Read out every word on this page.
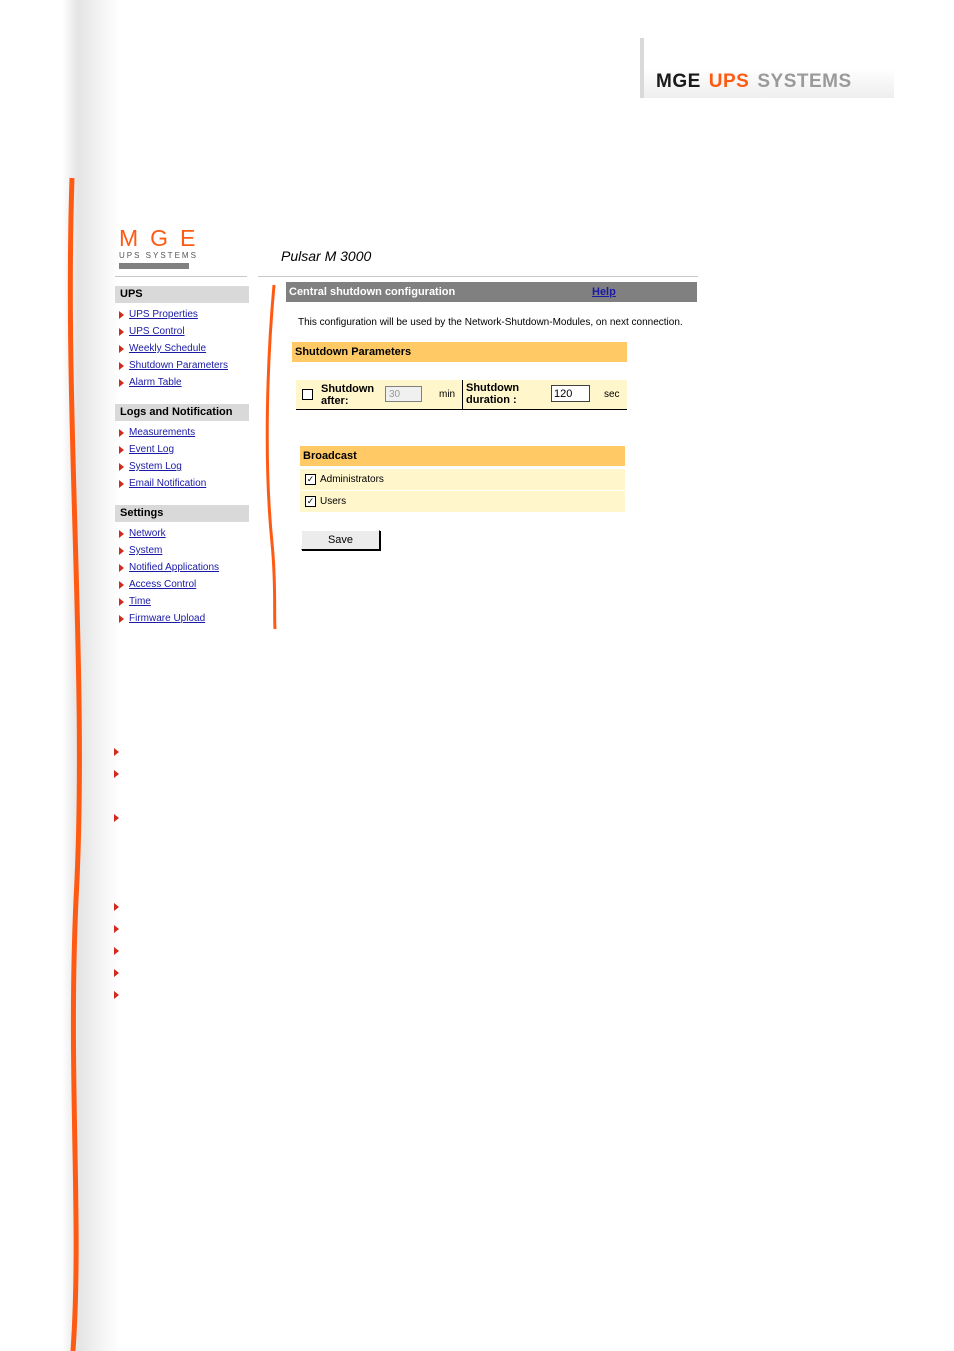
MGE UPS SYSTEMS
MGE
UPS SYSTEMS	Pulsar M 3000
UPS
UPS Properties
UPS Control
Weekly Schedule
Shutdown Parameters
Alarm Table
Logs and Notification
Measurements
Event Log
System Log
Email Notification
Settings
Network
System
Notified Applications
Access Control
Time
Firmware Upload
Central shutdown configuration	Help
This configuration will be used by the Network-Shutdown-Modules, on next connection.
Shutdown Parameters
Shutdown
after:
30	min
Shutdown
duration :	120	sec
Broadcast
✓ Administrators
✓ Users
Save
